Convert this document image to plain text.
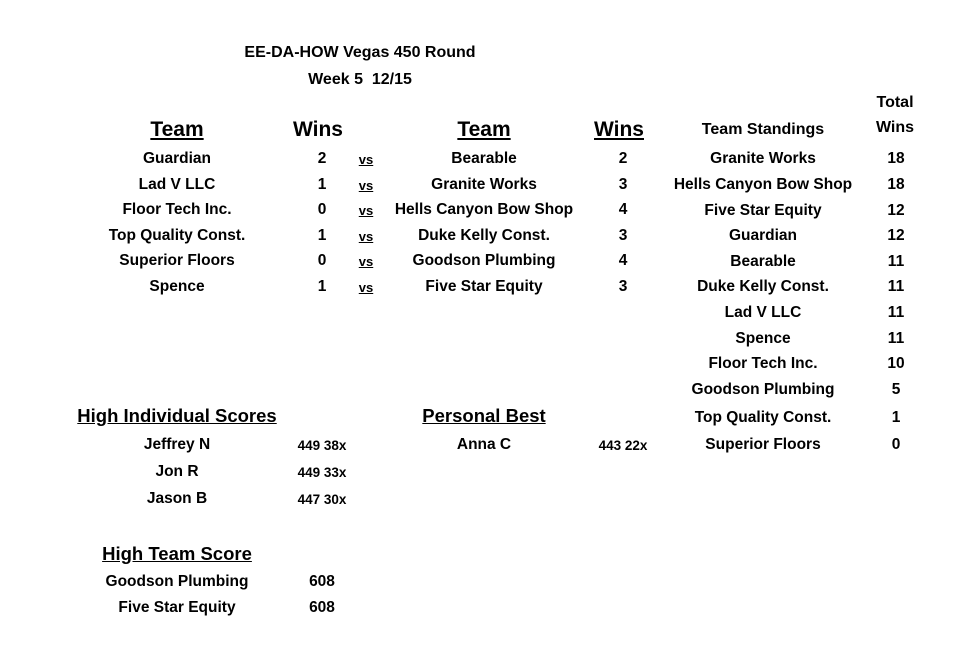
EE-DA-HOW Vegas 450 Round
Week 5  12/15
Team	Wins	Team	Wins
Total
Team Standings	Wins
Guardian	2 vs	Bearable	2
Lad V LLC	1 vs	Granite Works	3
Floor Tech Inc.	0 vs Hells Canyon Bow Shop	4
Top Quality Const.	1 vs	Duke Kelly Const.	3
Superior Floors	0 vs	Goodson Plumbing	4
Spence	1 vs	Five Star Equity	3
Granite Works	18
Hells Canyon Bow Shop 18
Five Star Equity	12
Guardian	12
Bearable	11
Duke Kelly Const.	11
Lad V LLC	11
Spence	11
Floor Tech Inc.	10
Goodson Plumbing	5
Top Quality Const.	1
Superior Floors	0
High Individual Scores
Jeffrey N	449 38x
Jon R	449 33x
Jason B	447 30x
Personal Best
Anna C	443 22x
High Team Score
Goodson Plumbing	608
Five Star Equity	608
